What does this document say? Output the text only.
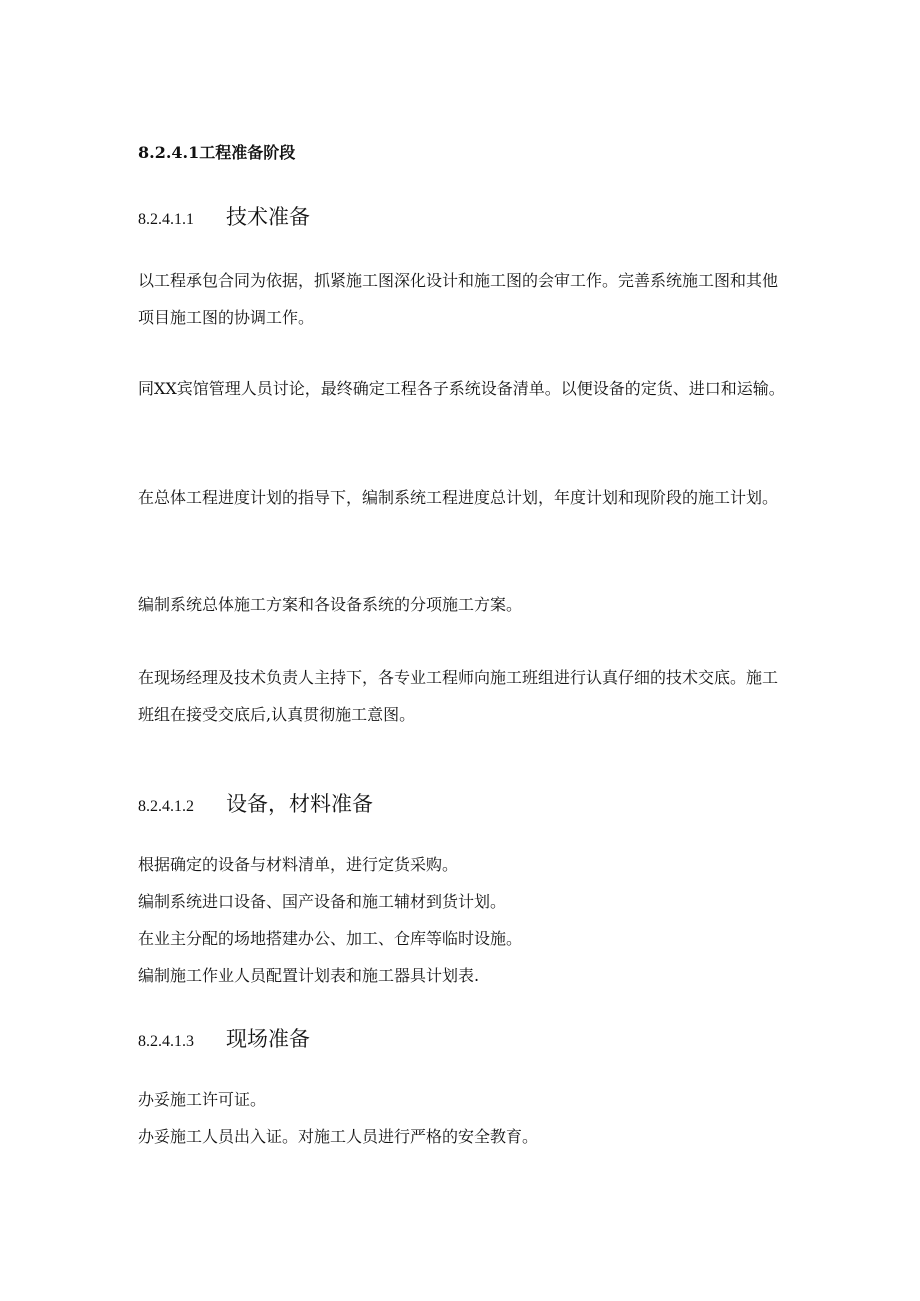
8.2.4.1工程准备阶段
8.2.4.1.1 技术准备

以工程承包合同为依据，抓紧施工图深化设计和施工图的会审工作。完善系统施工图和其他项目施工图的协调工作。

同XX宾馆管理人员讨论，最终确定工程各子系统设备清单。以便设备的定货、进口和运输。

在总体工程进度计划的指导下，编制系统工程进度总计划，年度计划和现阶段的施工计划。

编制系统总体施工方案和各设备系统的分项施工方案。

在现场经理及技术负责人主持下，各专业工程师向施工班组进行认真仔细的技术交底。施工班组在接受交底后,认真贯彻施工意图。

8.2.4.1.2 设备，材料准备

根据确定的设备与材料清单，进行定货采购。

编制系统进口设备、国产设备和施工辅材到货计划。

在业主分配的场地搭建办公、加工、仓库等临时设施。

编制施工作业人员配置计划表和施工器具计划表.

8.2.4.1.3 现场准备

办妥施工许可证。

办妥施工人员出入证。对施工人员进行严格的安全教育。
